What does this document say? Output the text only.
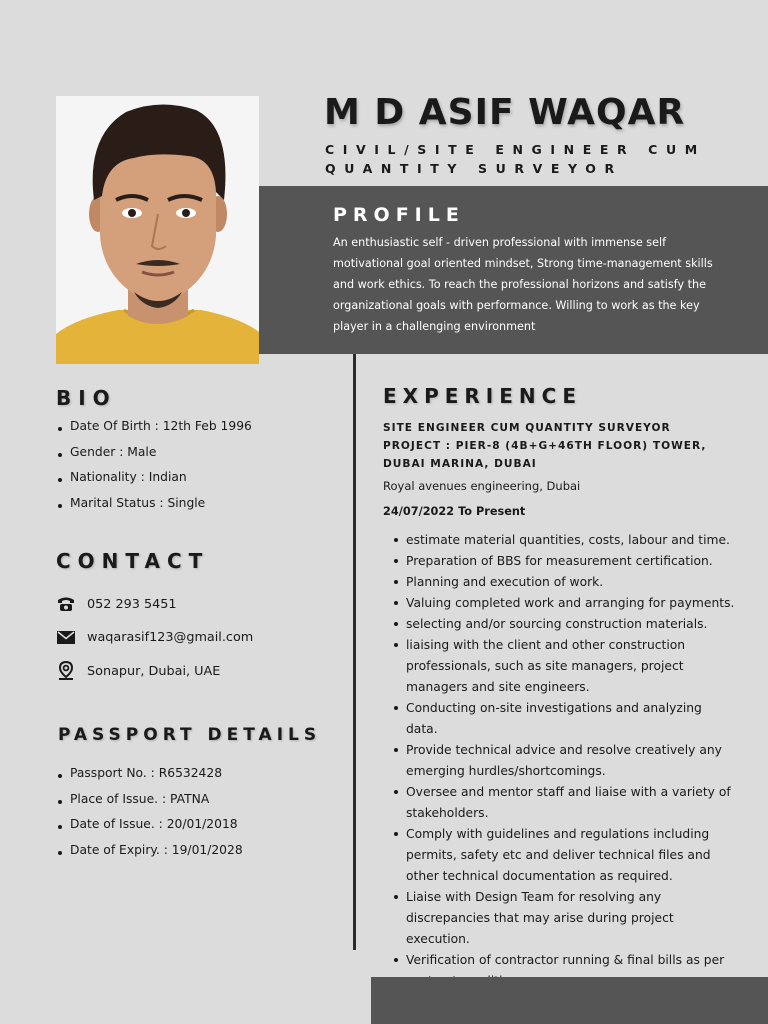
M D ASIF WAQAR

CIVIL/SITE ENGINEER CUM QUANTITY SURVEYOR

PROFILE

An enthusiastic self - driven professional with immense self motivational goal oriented mindset, Strong time-management skills and work ethics. To reach the professional horizons and satisfy the organizational goals with performance. Willing to work as the key player in a challenging environment

BIO
Date Of Birth : 12th Feb 1996
Gender : Male
Nationality : Indian
Marital Status : Single
CONTACT
052 293 5451
waqarasif123@gmail.com
Sonapur, Dubai, UAE
PASSPORT DETAILS
Passport No. : R6532428
Place of Issue. : PATNA
Date of Issue. : 20/01/2018
Date of Expiry. : 19/01/2028
EXPERIENCE
SITE ENGINEER CUM QUANTITY SURVEYOR
PROJECT : PIER-8 (4B+G+46TH FLOOR) TOWER, DUBAI MARINA, DUBAI
Royal avenues engineering, Dubai
24/07/2022 To Present
estimate material quantities, costs, labour and time.
Preparation of BBS for measurement certification.
Planning and execution of work.
Valuing completed work and arranging for payments.
selecting and/or sourcing construction materials.
liaising with the client and other construction professionals, such as site managers, project managers and site engineers.
Conducting on-site investigations and analyzing data.
Provide technical advice and resolve creatively any emerging hurdles/shortcomings.
Oversee and mentor staff and liaise with a variety of stakeholders.
Comply with guidelines and regulations including permits, safety etc and deliver technical files and other technical documentation as required.
Liaise with Design Team for resolving any discrepancies that may arise during project execution.
Verification of contractor running & final bills as per
